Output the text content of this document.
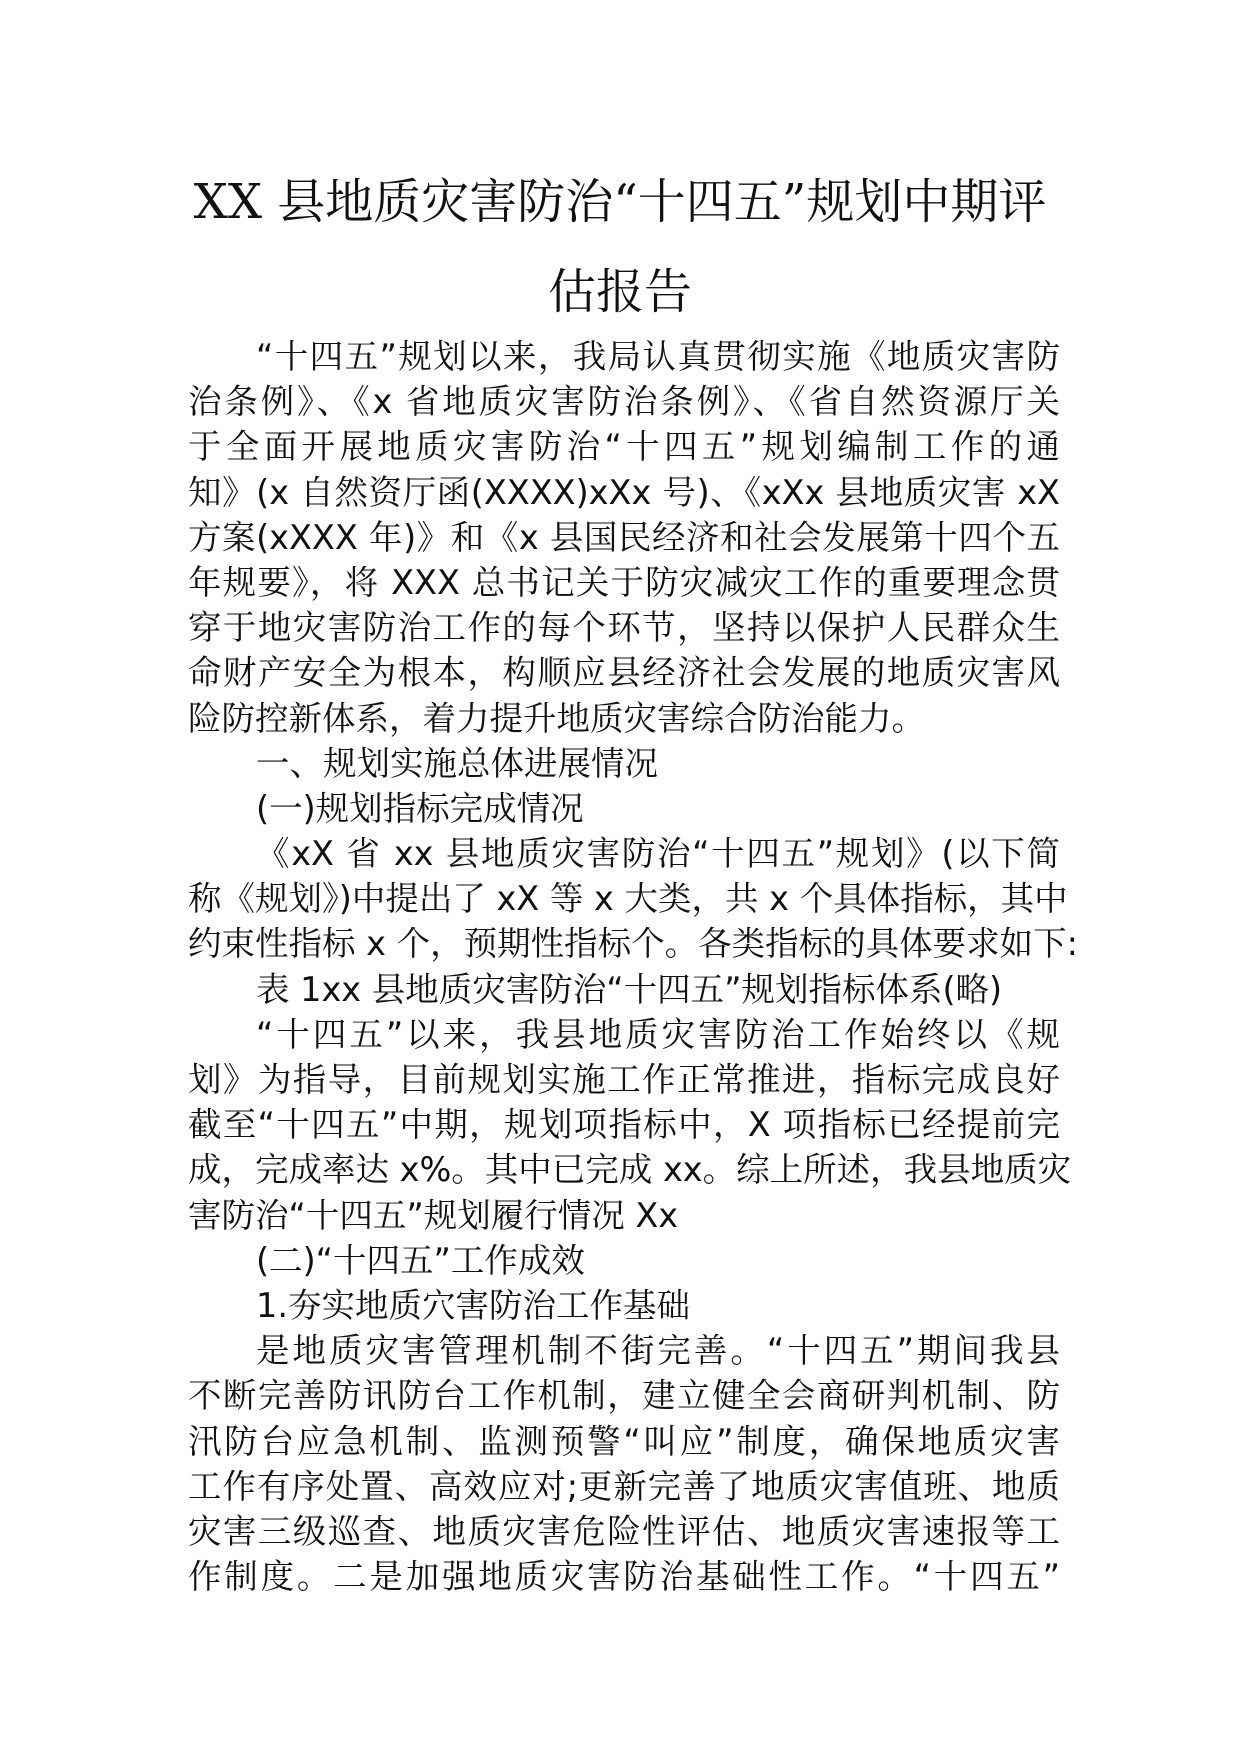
XX 县地质灾害防治“十四五”规划中期评
估报告
“十四五”规划以来，我局认真贯彻实施《地质灾害防
治条例》、《x 省地质灾害防治条例》、《省自然资源厅关
于全面开展地质灾害防治“十四五”规划编制工作的通
知》(x 自然资厅函(XXXX)xXx 号)、《xXx 县地质灾害 xX
方案(xXXX 年)》和《x 县国民经济和社会发展第十四个五
年规要》，将 XXX 总书记关于防灾减灾工作的重要理念贯
穿于地灾害防治工作的每个环节，坚持以保护人民群众生
命财产安全为根本，构顺应县经济社会发展的地质灾害风
险防控新体系，着力提升地质灾害综合防治能力。
一、规划实施总体进展情况
(一)规划指标完成情况
《xX 省 xx 县地质灾害防治“十四五”规划》(以下简
称《规划》)中提出了 xX 等 x 大类，共 x 个具体指标，其中
约束性指标 x 个，预期性指标个。各类指标的具体要求如下:
表 1xx 县地质灾害防治“十四五”规划指标体系(略)
“十四五”以来，我县地质灾害防治工作始终以《规
划》为指导，目前规划实施工作正常推进，指标完成良好
截至“十四五”中期，规划项指标中，X 项指标已经提前完
成，完成率达 x%。其中已完成 xx。综上所述，我县地质灾
害防治“十四五”规划履行情况 Xx
(二)“十四五”工作成效
1.夯实地质穴害防治工作基础
是地质灾害管理机制不街完善。“十四五”期间我县
不断完善防讯防台工作机制，建立健全会商研判机制、防
汛防台应急机制、监测预警“叫应”制度，确保地质灾害
工作有序处置、高效应对;更新完善了地质灾害值班、地质
灾害三级巡查、地质灾害危险性评估、地质灾害速报等工
作制度。二是加强地质灾害防治基础性工作。“十四五”
